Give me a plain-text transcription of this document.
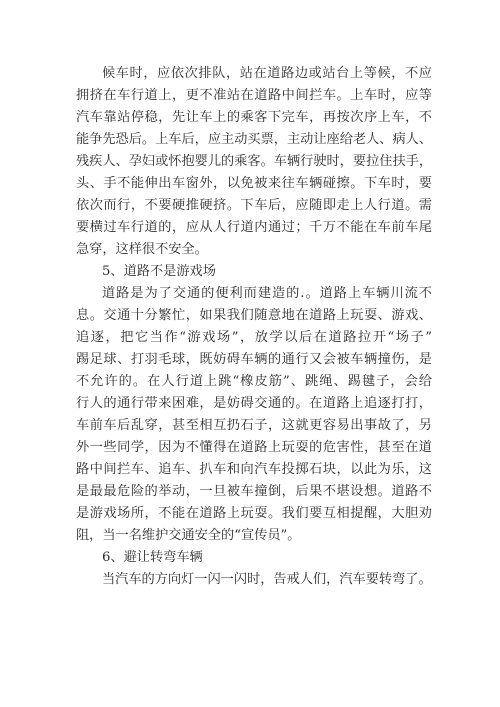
候车时，应依次排队，站在道路边或站台上等候，不应
拥挤在车行道上，更不准站在道路中间拦车。上车时，应等
汽车靠站停稳，先让车上的乘客下完车，再按次序上车，不
能争先恐后。上车后，应主动买票，主动让座给老人、病人、
残疾人、孕妇或怀抱婴儿的乘客。车辆行驶时，要拉住扶手，
头、手不能伸出车窗外，以免被来往车辆碰擦。下车时，要
依次而行，不要硬推硬挤。下车后，应随即走上人行道。需
要横过车行道的，应从人行道内通过；千万不能在车前车尾
急穿，这样很不安全。
5、道路不是游戏场
道路是为了交通的便利而建造的.。道路上车辆川流不
息。交通十分繁忙，如果我们随意地在道路上玩耍、游戏、
追逐，把它当作“游戏场”，放学以后在道路拉开“场子”
踢足球、打羽毛球，既妨碍车辆的通行又会被车辆撞伤，是
不允许的。在人行道上跳“橡皮筋”、跳绳、踢毽子，会给
行人的通行带来困难，是妨碍交通的。在道路上追逐打打，
车前车后乱穿，甚至相互扔石子，这就更容易出事故了，另
外一些同学，因为不懂得在道路上玩耍的危害性，甚至在道
路中间拦车、追车、扒车和向汽车投掷石块，以此为乐，这
是最最危险的举动，一旦被车撞倒，后果不堪设想。道路不
是游戏场所，不能在道路上玩耍。我们要互相提醒，大胆劝
阻，当一名维护交通安全的“宣传员”。
6、避让转弯车辆
当汽车的方向灯一闪一闪时，告戒人们，汽车要转弯了。
